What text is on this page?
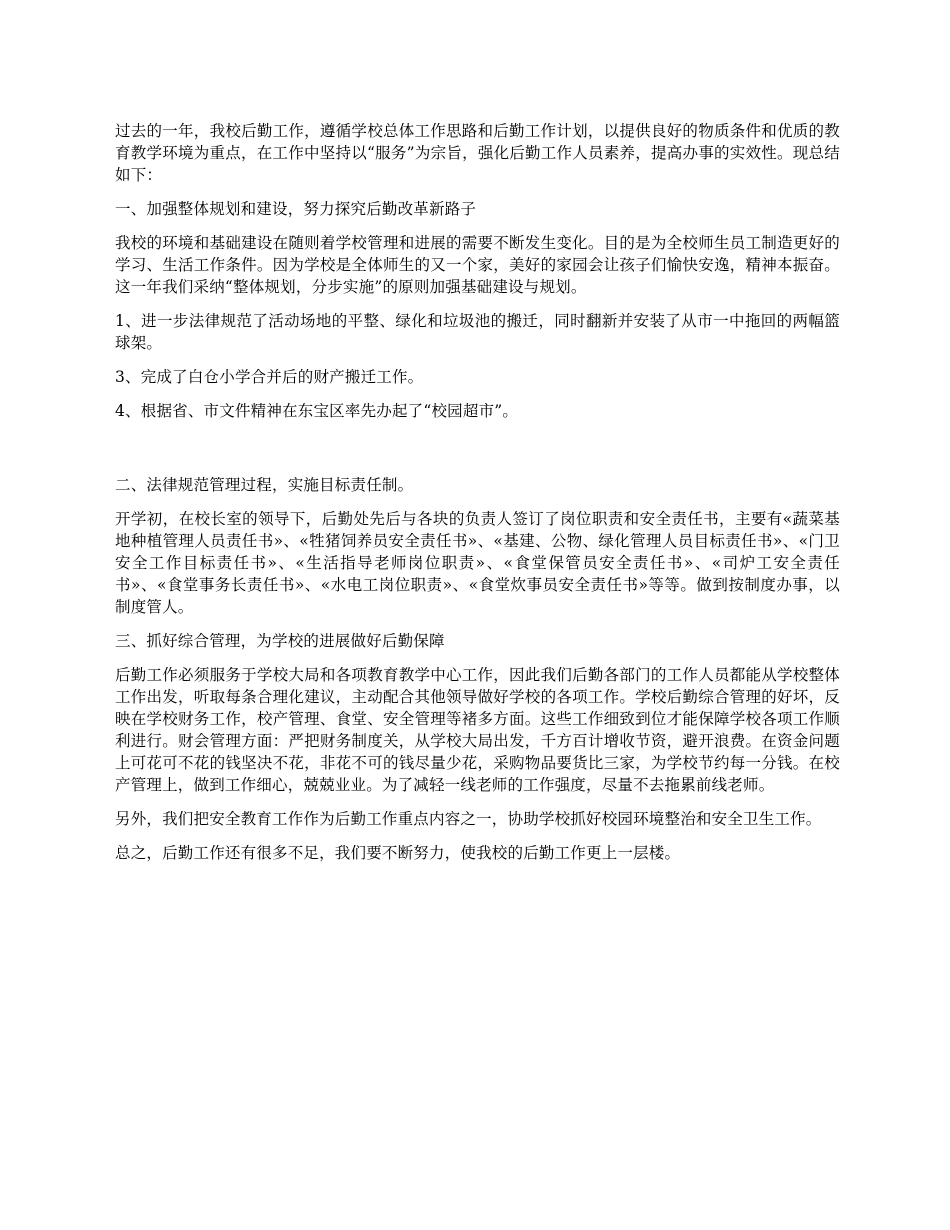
过去的一年，我校后勤工作，遵循学校总体工作思路和后勤工作计划，以提供良好的物质条件和优质的教育教学环境为重点，在工作中坚持以“服务”为宗旨，强化后勤工作人员素养，提高办事的实效性。现总结如下：

一、加强整体规划和建设，努力探究后勤改革新路子

我校的环境和基础建设在随则着学校管理和进展的需要不断发生变化。目的是为全校师生员工制造更好的学习、生活工作条件。因为学校是全体师生的又一个家，美好的家园会让孩子们愉快安逸，精神本振奋。这一年我们采纳“整体规划，分步实施”的原则加强基础建设与规划。

1、进一步法律规范了活动场地的平整、绿化和垃圾池的搬迁，同时翻新并安装了从市一中拖回的两幅篮球架。

3、完成了白仓小学合并后的财产搬迁工作。

4、根据省、市文件精神在东宝区率先办起了“校园超市”。

二、法律规范管理过程，实施目标责任制。

开学初，在校长室的领导下，后勤处先后与各块的负责人签订了岗位职责和安全责任书，主要有«蔬菜基地种植管理人员责任书»、«牲猪饲养员安全责任书»、«基建、公物、绿化管理人员目标责任书»、«门卫安全工作目标责任书»、«生活指导老师岗位职责»、«食堂保管员安全责任书»、«司炉工安全责任书»、«食堂事务长责任书»、«水电工岗位职责»、«食堂炊事员安全责任书»等等。做到按制度办事，以制度管人。

三、抓好综合管理，为学校的进展做好后勤保障

后勤工作必须服务于学校大局和各项教育教学中心工作，因此我们后勤各部门的工作人员都能从学校整体工作出发，听取每条合理化建议，主动配合其他领导做好学校的各项工作。学校后勤综合管理的好坏，反映在学校财务工作，校产管理、食堂、安全管理等褚多方面。这些工作细致到位才能保障学校各项工作顺利进行。财会管理方面：严把财务制度关，从学校大局出发，千方百计增收节资，避开浪费。在资金问题上可花可不花的钱坚决不花，非花不可的钱尽量少花，采购物品要货比三家，为学校节约每一分钱。在校产管理上，做到工作细心，兢兢业业。为了减轻一线老师的工作强度，尽量不去拖累前线老师。

另外，我们把安全教育工作作为后勤工作重点内容之一，协助学校抓好校园环境整治和安全卫生工作。

总之，后勤工作还有很多不足，我们要不断努力，使我校的后勤工作更上一层楼。
